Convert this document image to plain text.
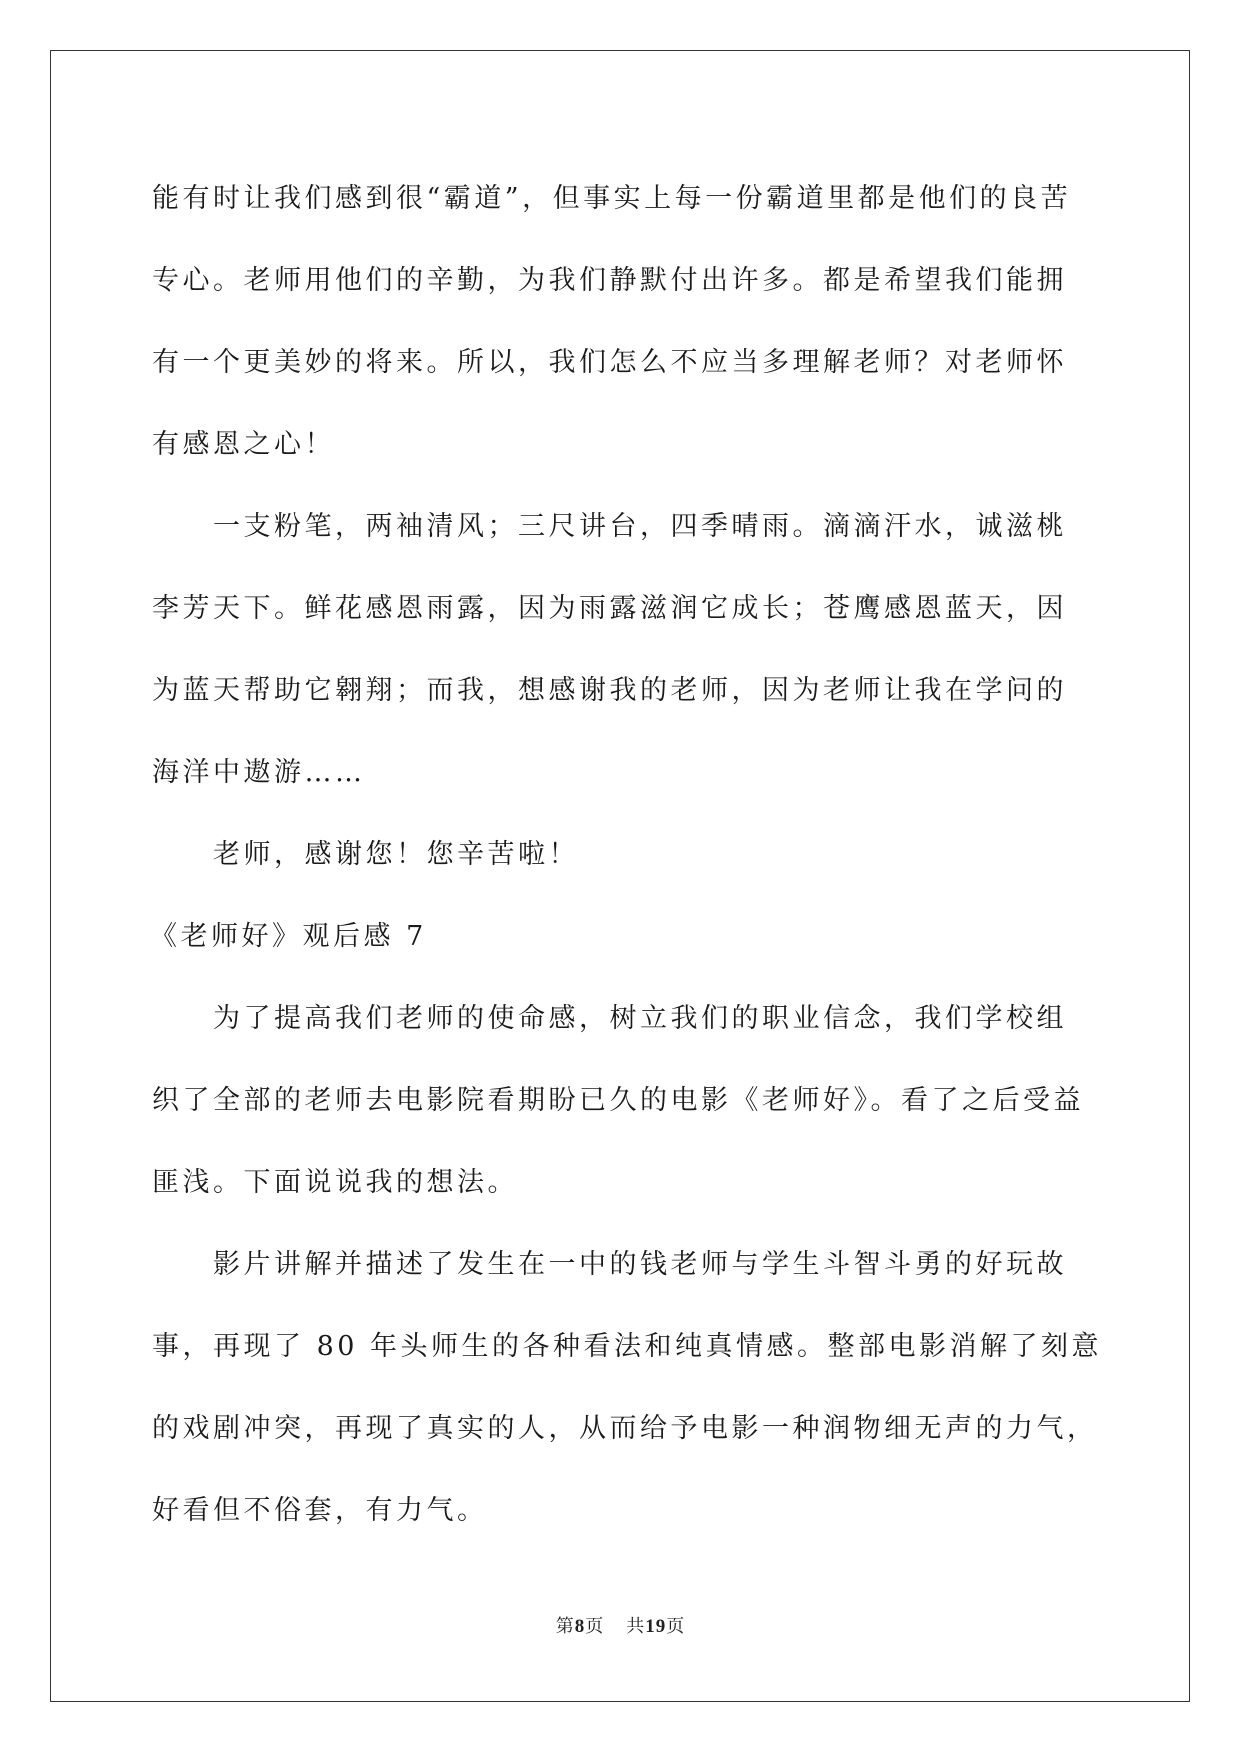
能有时让我们感到很“霸道”，但事实上每一份霸道里都是他们的良苦
专心。老师用他们的辛勤，为我们静默付出许多。都是希望我们能拥
有一个更美妙的将来。所以，我们怎么不应当多理解老师？对老师怀
有感恩之心！
一支粉笔，两袖清风；三尺讲台，四季晴雨。滴滴汗水，诚滋桃
李芳天下。鲜花感恩雨露，因为雨露滋润它成长；苍鹰感恩蓝天，因
为蓝天帮助它翱翔；而我，想感谢我的老师，因为老师让我在学问的
海洋中遨游……
老师，感谢您！您辛苦啦！
《老师好》观后感 7
为了提高我们老师的使命感，树立我们的职业信念，我们学校组
织了全部的老师去电影院看期盼已久的电影《老师好》。看了之后受益
匪浅。下面说说我的想法。
影片讲解并描述了发生在一中的钱老师与学生斗智斗勇的好玩故
事，再现了 80 年头师生的各种看法和纯真情感。整部电影消解了刻意
的戏剧冲突，再现了真实的人，从而给予电影一种润物细无声的力气，
好看但不俗套，有力气。
第8页 共19页
